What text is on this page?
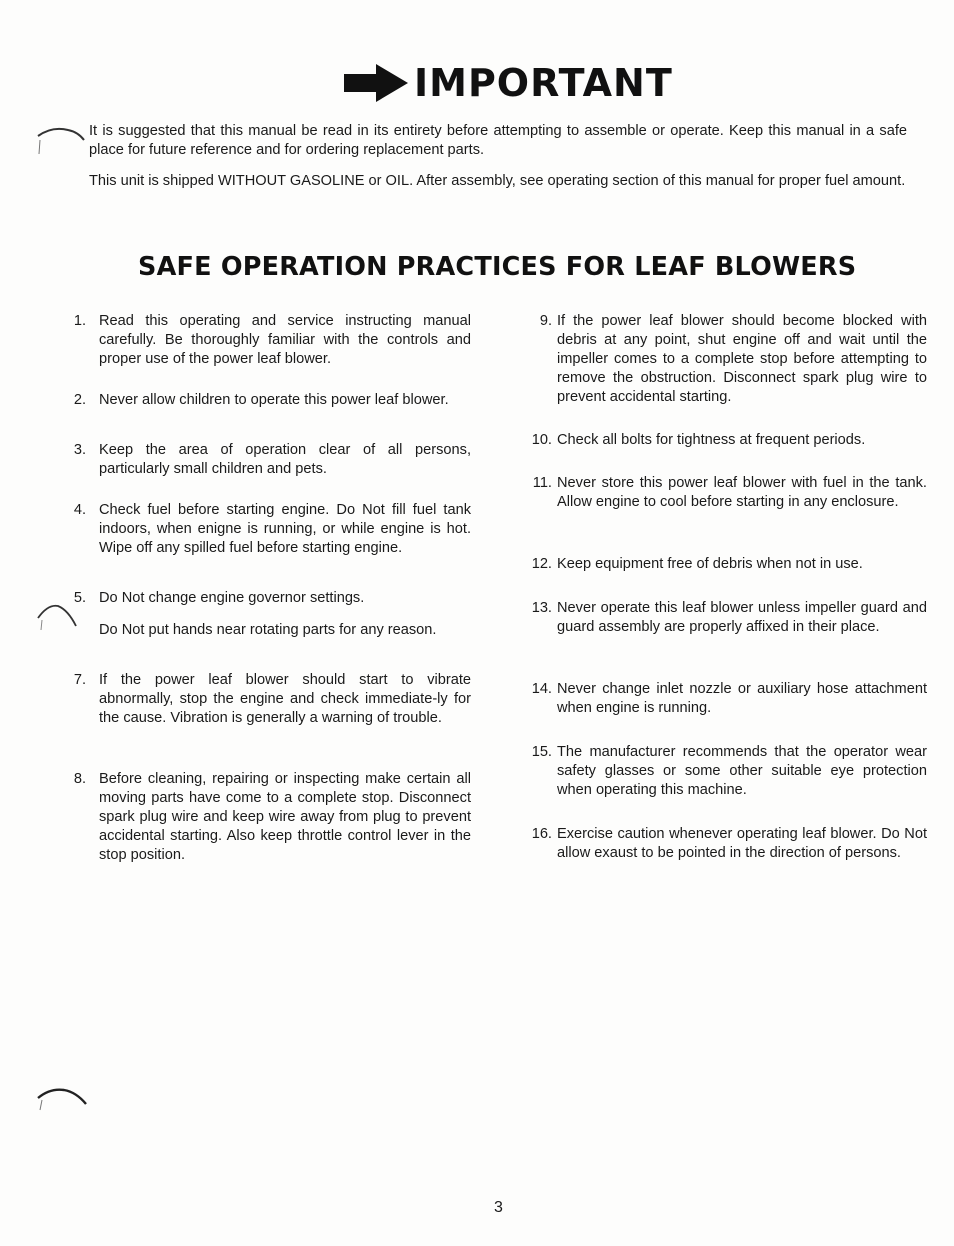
IMPORTANT

It is suggested that this manual be read in its entirety before attempting to assemble or operate. Keep this manual in a safe place for future reference and for ordering replacement parts.

This unit is shipped WITHOUT GASOLINE or OIL. After assembly, see operating section of this manual for proper fuel amount.

SAFE OPERATION PRACTICES FOR LEAF BLOWERS
1. Read this operating and service instructing manual carefully. Be thoroughly familiar with the controls and proper use of the power leaf blower.
2. Never allow children to operate this power leaf blower.
3. Keep the area of operation clear of all persons, particularly small children and pets.
4. Check fuel before starting engine. Do Not fill fuel tank indoors, when enigne is running, or while engine is hot. Wipe off any spilled fuel before starting engine.
5. Do Not change engine governor settings.
Do Not put hands near rotating parts for any reason.
7. If the power leaf blower should start to vibrate abnormally, stop the engine and check immediate-ly for the cause. Vibration is generally a warning of trouble.
8. Before cleaning, repairing or inspecting make certain all moving parts have come to a complete stop. Disconnect spark plug wire and keep wire away from plug to prevent accidental starting. Also keep throttle control lever in the stop position.
9. If the power leaf blower should become blocked with debris at any point, shut engine off and wait until the impeller comes to a complete stop before attempting to remove the obstruction. Disconnect spark plug wire to prevent accidental starting.
10. Check all bolts for tightness at frequent periods.
11. Never store this power leaf blower with fuel in the tank. Allow engine to cool before starting in any enclosure.
12. Keep equipment free of debris when not in use.
13. Never operate this leaf blower unless impeller guard and guard assembly are properly affixed in their place.
14. Never change inlet nozzle or auxiliary hose attachment when engine is running.
15. The manufacturer recommends that the operator wear safety glasses or some other suitable eye protection when operating this machine.
16. Exercise caution whenever operating leaf blower. Do Not allow exaust to be pointed in the direction of persons.
3
